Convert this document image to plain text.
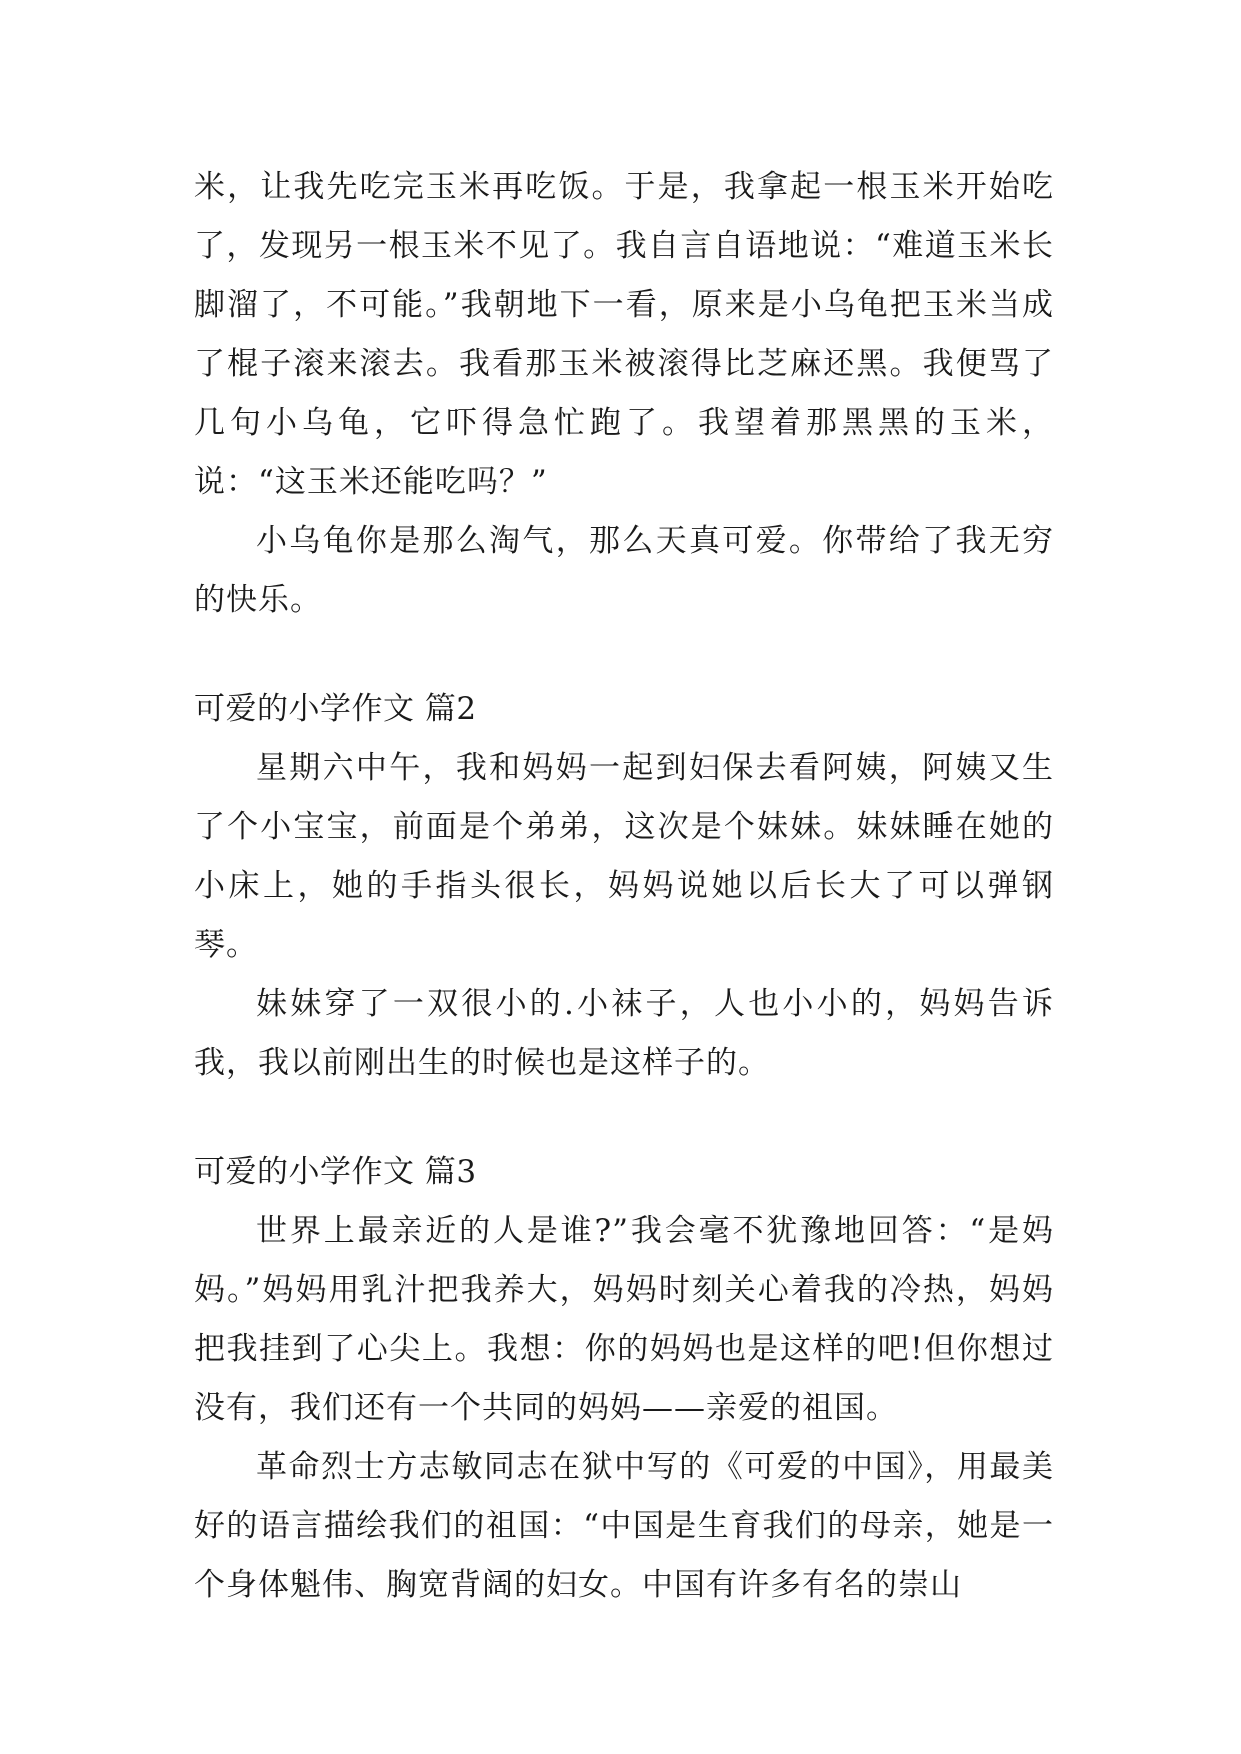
米，让我先吃完玉米再吃饭。于是，我拿起一根玉米开始吃了，发现另一根玉米不见了。我自言自语地说：“难道玉米长脚溜了，不可能。”我朝地下一看，原来是小乌龟把玉米当成了棍子滚来滚去。我看那玉米被滚得比芝麻还黑。我便骂了几句小乌龟，它吓得急忙跑了。我望着那黑黑的玉米，说：“这玉米还能吃吗？”

小乌龟你是那么淘气，那么天真可爱。你带给了我无穷的快乐。

可爱的小学作文 篇2

星期六中午，我和妈妈一起到妇保去看阿姨，阿姨又生了个小宝宝，前面是个弟弟，这次是个妹妹。妹妹睡在她的小床上，她的手指头很长，妈妈说她以后长大了可以弹钢琴。

妹妹穿了一双很小的.小袜子，人也小小的，妈妈告诉我，我以前刚出生的时候也是这样子的。

可爱的小学作文 篇3

世界上最亲近的人是谁?”我会毫不犹豫地回答：“是妈妈。”妈妈用乳汁把我养大，妈妈时刻关心着我的冷热，妈妈把我挂到了心尖上。我想：你的妈妈也是这样的吧!但你想过没有，我们还有一个共同的妈妈——亲爱的祖国。

革命烈士方志敏同志在狱中写的《可爱的中国》，用最美好的语言描绘我们的祖国：“中国是生育我们的母亲，她是一个身体魁伟、胸宽背阔的妇女。中国有许多有名的崇山
